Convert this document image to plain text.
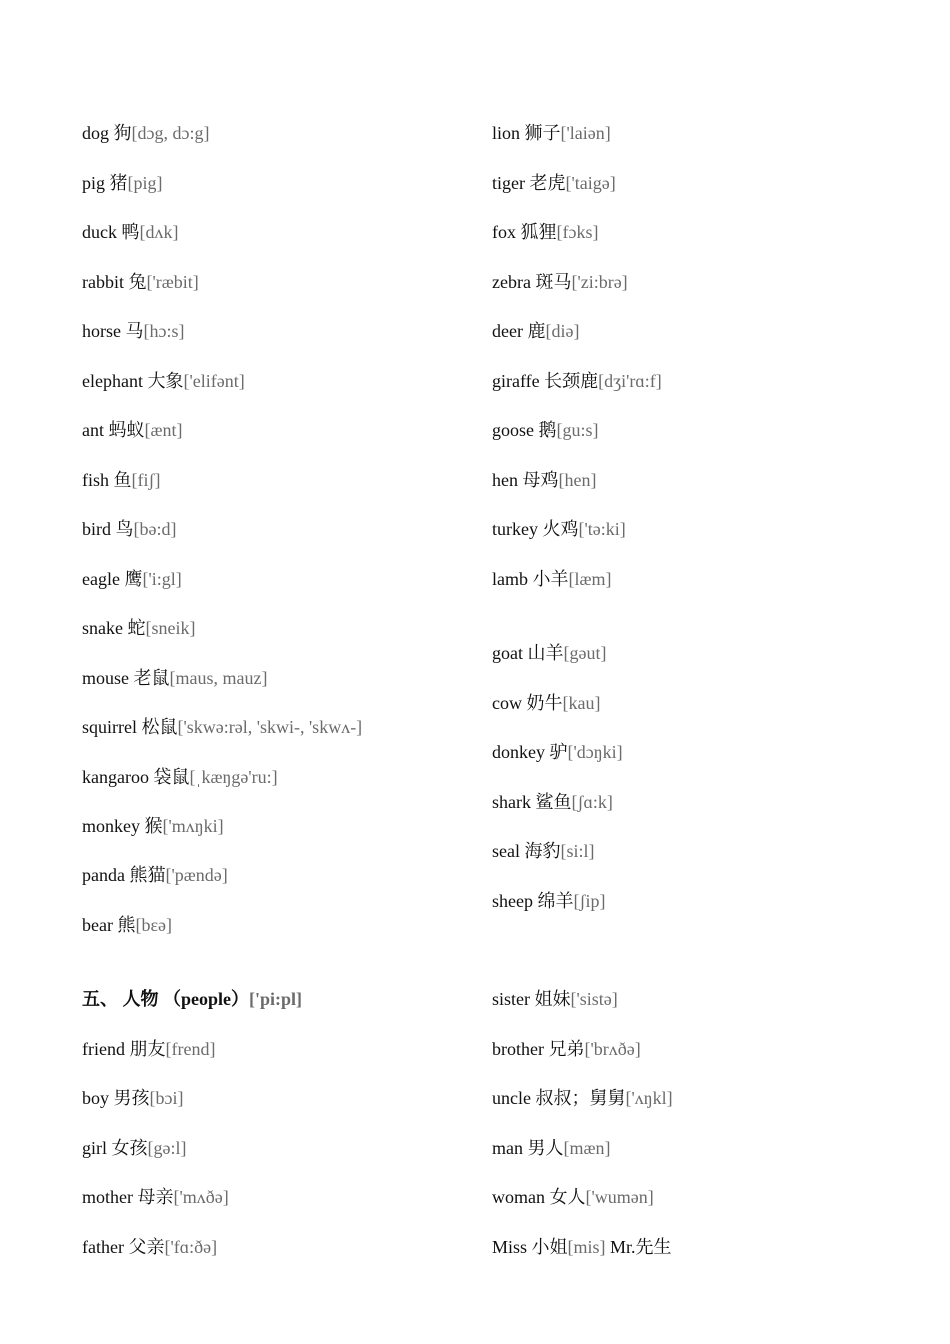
dog 狗[dɔg, dɔ:g]
pig 猪[pig]
duck 鸭[dʌk]
rabbit 兔['ræbit]
horse 马[hɔ:s]
elephant 大象['elifənt]
ant 蚂蚁[ænt]
fish 鱼[fiʃ]
bird 鸟[bə:d]
eagle 鹰['i:gl]
snake 蛇[sneik]
mouse 老鼠[maus, mauz]
squirrel 松鼠['skwə:rəl, 'skwi-, 'skwʌ-]
kangaroo 袋鼠[ˌkæŋgə'ru:]
monkey 猴['mʌŋki]
panda 熊猫['pændə]
bear 熊[bɛə]
五、 人物 （people）['pi:pl]
friend 朋友[frend]
boy 男孩[bɔi]
girl 女孩[gə:l]
mother 母亲['mʌðə]
father 父亲['fɑ:ðə]
lion 狮子['laiən]
tiger 老虎['taigə]
fox 狐狸[fɔks]
zebra 斑马['zi:brə]
deer 鹿[diə]
giraffe 长颈鹿[dʒi'rɑ:f]
goose 鹅[gu:s]
hen 母鸡[hen]
turkey 火鸡['tə:ki]
lamb 小羊[læm]
goat 山羊[gəut]
cow 奶牛[kau]
donkey 驴['dɔŋki]
shark 鲨鱼[ʃɑ:k]
seal 海豹[si:l]
sheep 绵羊[ʃip]
sister 姐妹['sistə]
brother 兄弟['brʌðə]
uncle 叔叔；舅舅['ʌŋkl]
man 男人[mæn]
woman 女人['wumən]
Miss 小姐[mis] Mr.先生
